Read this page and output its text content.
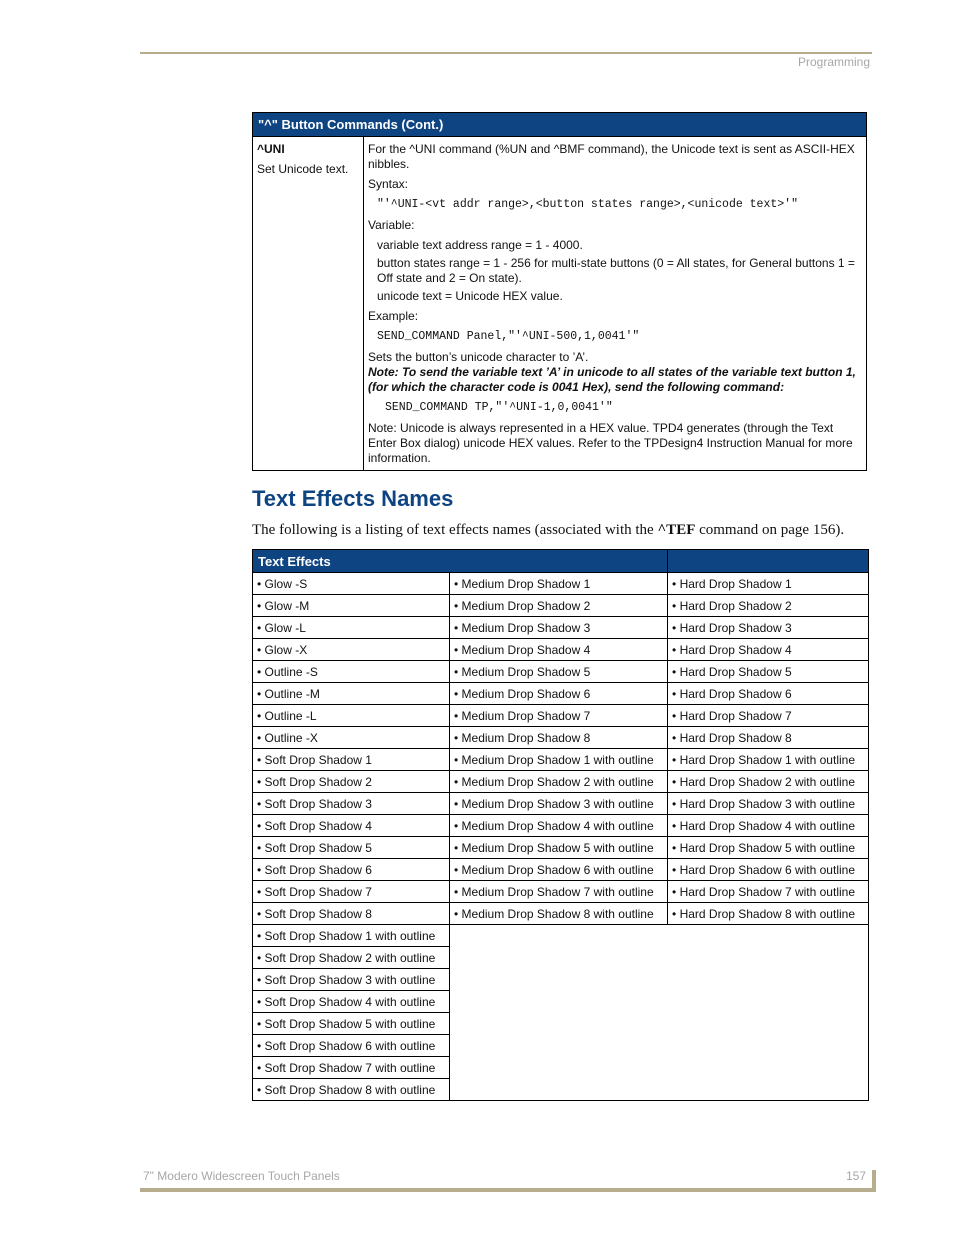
Programming
"^" Button Commands (Cont.)

^UNI
Set Unicode text.

For the ^UNI command (%UN and ^BMF command), the Unicode text is sent as ASCII-HEX nibbles.
Syntax:
"'^UNI-<vt addr range>,<button states range>,<unicode text>'"
Variable:
variable text address range = 1 - 4000.
button states range = 1 - 256 for multi-state buttons (0 = All states, for General buttons 1 = Off state and 2 = On state).
unicode text = Unicode HEX value.
Example:
SEND_COMMAND Panel,"'^UNI-500,1,0041'"
Sets the button’s unicode character to ’A’.
Note: To send the variable text ’A’ in unicode to all states of the variable text button 1, (for which the character code is 0041 Hex), send the following command:
SEND_COMMAND TP,"'^UNI-1,0,0041'"
Note: Unicode is always represented in a HEX value. TPD4 generates (through the Text Enter Box dialog) unicode HEX values. Refer to the TPDesign4 Instruction Manual for more information.
Text Effects Names

The following is a listing of text effects names (associated with the ^TEF command on page 156).

Text Effects		
• Glow -S	• Medium Drop Shadow 1	• Hard Drop Shadow 1
• Glow -M	• Medium Drop Shadow 2	• Hard Drop Shadow 2
• Glow -L	• Medium Drop Shadow 3	• Hard Drop Shadow 3
• Glow -X	• Medium Drop Shadow 4	• Hard Drop Shadow 4
• Outline -S	• Medium Drop Shadow 5	• Hard Drop Shadow 5
• Outline -M	• Medium Drop Shadow 6	• Hard Drop Shadow 6
• Outline -L	• Medium Drop Shadow 7	• Hard Drop Shadow 7
• Outline -X	• Medium Drop Shadow 8	• Hard Drop Shadow 8
• Soft Drop Shadow 1	• Medium Drop Shadow 1 with outline	• Hard Drop Shadow 1 with outline
• Soft Drop Shadow 2	• Medium Drop Shadow 2 with outline	• Hard Drop Shadow 2 with outline
• Soft Drop Shadow 3	• Medium Drop Shadow 3 with outline	• Hard Drop Shadow 3 with outline
• Soft Drop Shadow 4	• Medium Drop Shadow 4 with outline	• Hard Drop Shadow 4 with outline
• Soft Drop Shadow 5	• Medium Drop Shadow 5 with outline	• Hard Drop Shadow 5 with outline
• Soft Drop Shadow 6	• Medium Drop Shadow 6 with outline	• Hard Drop Shadow 6 with outline
• Soft Drop Shadow 7	• Medium Drop Shadow 7 with outline	• Hard Drop Shadow 7 with outline
• Soft Drop Shadow 8	• Medium Drop Shadow 8 with outline	• Hard Drop Shadow 8 with outline
• Soft Drop Shadow 1 with outline		
• Soft Drop Shadow 2 with outline		
• Soft Drop Shadow 3 with outline		
• Soft Drop Shadow 4 with outline		
• Soft Drop Shadow 5 with outline		
• Soft Drop Shadow 6 with outline		
• Soft Drop Shadow 7 with outline		
• Soft Drop Shadow 8 with outline		
7" Modero Widescreen Touch Panels	157
